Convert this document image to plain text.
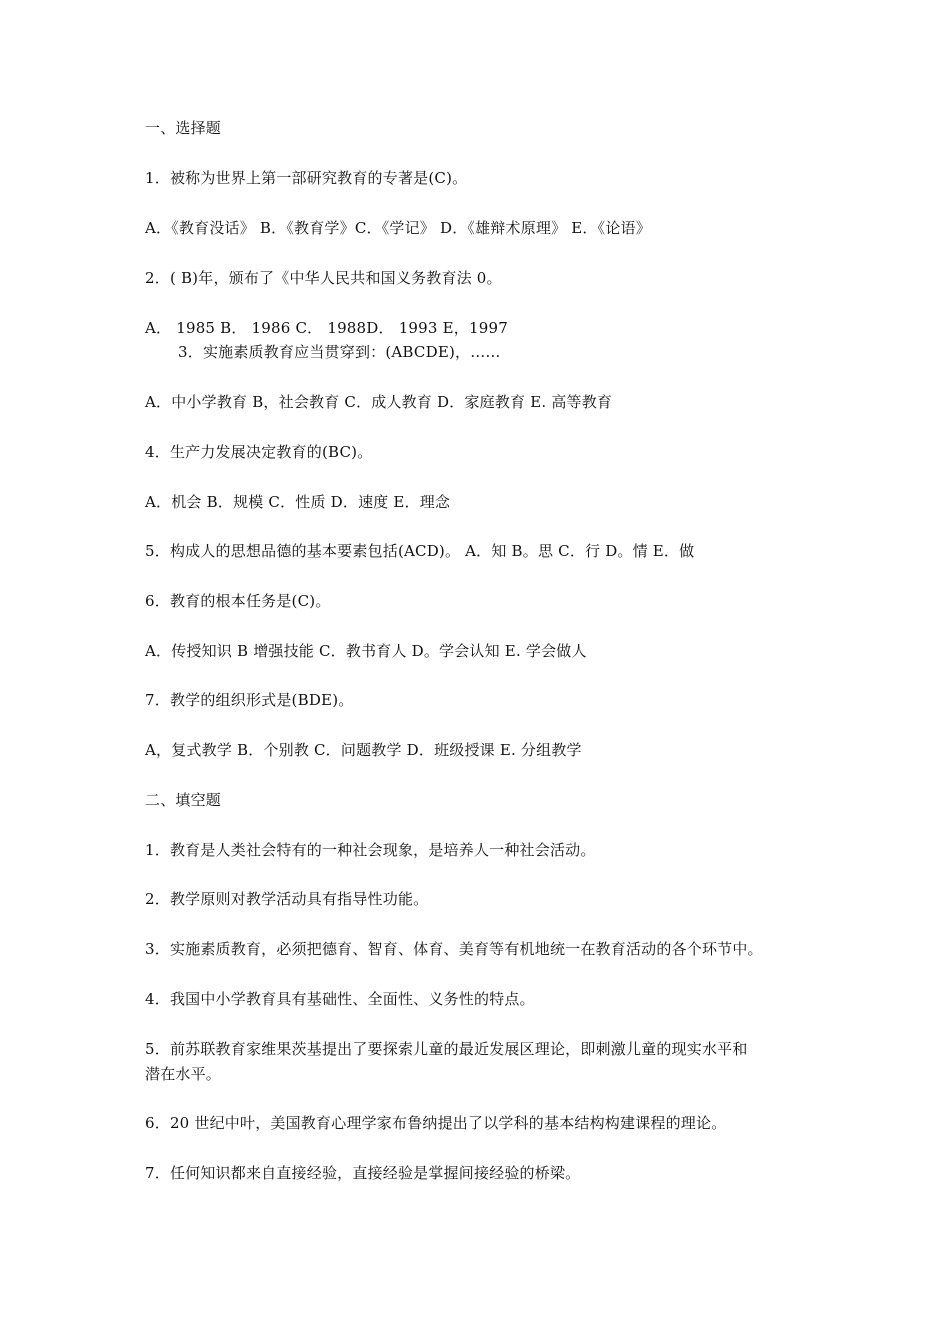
一、选择题
1．被称为世界上第一部研究教育的专著是(C)。
A．《教育没话》 B．《教育学》C．《学记》 D．《雄辩术原理》 E．《论语》
2．( B)年，颁布了《中华人民共和国义务教育法 0。
A． 1985 B． 1986 C． 1988D． 1993 E，1997
3．实施素质教育应当贯穿到：(ABCDE)，……
A．中小学教育 B，社会教育 C．成人教育 D．家庭教育 E. 高等教育
4．生产力发展决定教育的(BC)。
A．机会 B．规模 C．性质 D．速度 E．理念
5．构成人的思想品德的基本要素包括(ACD)。 A．知 B。思 C．行 D。情 E．做
6．教育的根本任务是(C)。
A．传授知识 B 增强技能 C．教书育人 D。学会认知 E. 学会做人
7．教学的组织形式是(BDE)。
A，复式教学 B．个别教 C．问题教学 D．班级授课 E. 分组教学
二、填空题
1．教育是人类社会特有的一种社会现象，是培养人一种社会活动。
2．教学原则对教学活动具有指导性功能。
3．实施素质教育，必须把德育、智育、体育、美育等有机地统一在教育活动的各个环节中。
4．我国中小学教育具有基础性、全面性、义务性的特点。
5．前苏联教育家维果茨基提出了要探索儿童的最近发展区理论，即刺激儿童的现实水平和
潜在水平。
6．20 世纪中叶，美国教育心理学家布鲁纳提出了以学科的基本结构构建课程的理论。
7．任何知识都来自直接经验，直接经验是掌握间接经验的桥梁。
